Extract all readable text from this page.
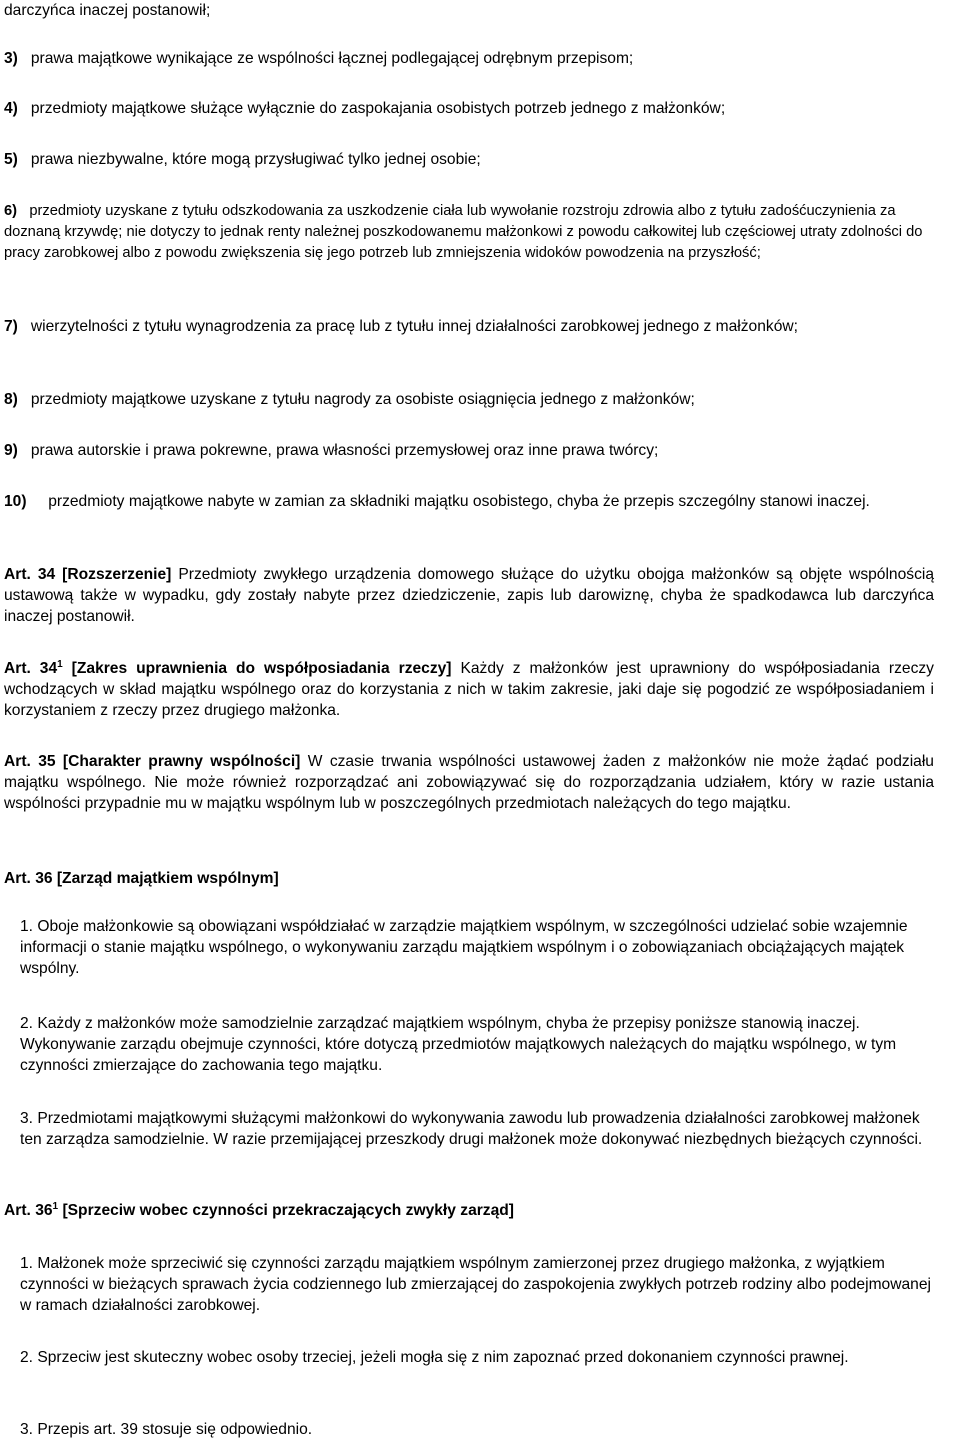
darczyńca inaczej postanowił;

3) prawa majątkowe wynikające ze wspólności łącznej podlegającej odrębnym przepisom;

4) przedmioty majątkowe służące wyłącznie do zaspokajania osobistych potrzeb jednego z małżonków;

5) prawa niezbywalne, które mogą przysługiwać tylko jednej osobie;

6) przedmioty uzyskane z tytułu odszkodowania za uszkodzenie ciała lub wywołanie rozstroju zdrowia albo z tytułu zadośćuczynienia za doznaną krzywdę; nie dotyczy to jednak renty należnej poszkodowanemu małżonkowi z powodu całkowitej lub częściowej utraty zdolności do pracy zarobkowej albo z powodu zwiększenia się jego potrzeb lub zmniejszenia widoków powodzenia na przyszłość;

7) wierzytelności z tytułu wynagrodzenia za pracę lub z tytułu innej działalności zarobkowej jednego z małżonków;

8) przedmioty majątkowe uzyskane z tytułu nagrody za osobiste osiągnięcia jednego z małżonków;

9) prawa autorskie i prawa pokrewne, prawa własności przemysłowej oraz inne prawa twórcy;

10) przedmioty majątkowe nabyte w zamian za składniki majątku osobistego, chyba że przepis szczególny stanowi inaczej.

Art. 34 [Rozszerzenie] Przedmioty zwykłego urządzenia domowego służące do użytku obojga małżonków są objęte wspólnością ustawową także w wypadku, gdy zostały nabyte przez dziedziczenie, zapis lub darowiznę, chyba że spadkodawca lub darczyńca inaczej postanowił.

Art. $34^1$ [Zakres uprawnienia do współposiadania rzeczy] Każdy z małżonków jest uprawniony do współposiadania rzeczy wchodzących w skład majątku wspólnego oraz do korzystania z nich w takim zakresie, jaki daje się pogodzić ze współposiadaniem i korzystaniem z rzeczy przez drugiego małżonka.

Art. 35 [Charakter prawny wspólności] W czasie trwania wspólności ustawowej żaden z małżonków nie może żądać podziału majątku wspólnego. Nie może również rozporządzać ani zobowiązywać się do rozporządzania udziałem, który w razie ustania wspólności przypadnie mu w majątku wspólnym lub w poszczególnych przedmiotach należących do tego majątku.

Art. 36 [Zarząd majątkiem wspólnym]

1. Oboje małżonkowie są obowiązani współdziałać w zarządzie majątkiem wspólnym, w szczególności udzielać sobie wzajemnie informacji o stanie majątku wspólnego, o wykonywaniu zarządu majątkiem wspólnym i o zobowiązaniach obciążających majątek wspólny.

2. Każdy z małżonków może samodzielnie zarządzać majątkiem wspólnym, chyba że przepisy poniższe stanowią inaczej. Wykonywanie zarządu obejmuje czynności, które dotyczą przedmiotów majątkowych należących do majątku wspólnego, w tym czynności zmierzające do zachowania tego majątku.

3. Przedmiotami majątkowymi służącymi małżonkowi do wykonywania zawodu lub prowadzenia działalności zarobkowej małżonek ten zarządza samodzielnie. W razie przemijającej przeszkody drugi małżonek może dokonywać niezbędnych bieżących czynności.

Art. $36^1$ [Sprzeciw wobec czynności przekraczających zwykły zarząd]

1. Małżonek może sprzeciwić się czynności zarządu majątkiem wspólnym zamierzonej przez drugiego małżonka, z wyjątkiem czynności w bieżących sprawach życia codziennego lub zmierzającej do zaspokojenia zwykłych potrzeb rodziny albo podejmowanej w ramach działalności zarobkowej.

2. Sprzeciw jest skuteczny wobec osoby trzeciej, jeżeli mogła się z nim zapoznać przed dokonaniem czynności prawnej.

3. Przepis art. 39 stosuje się odpowiednio.
